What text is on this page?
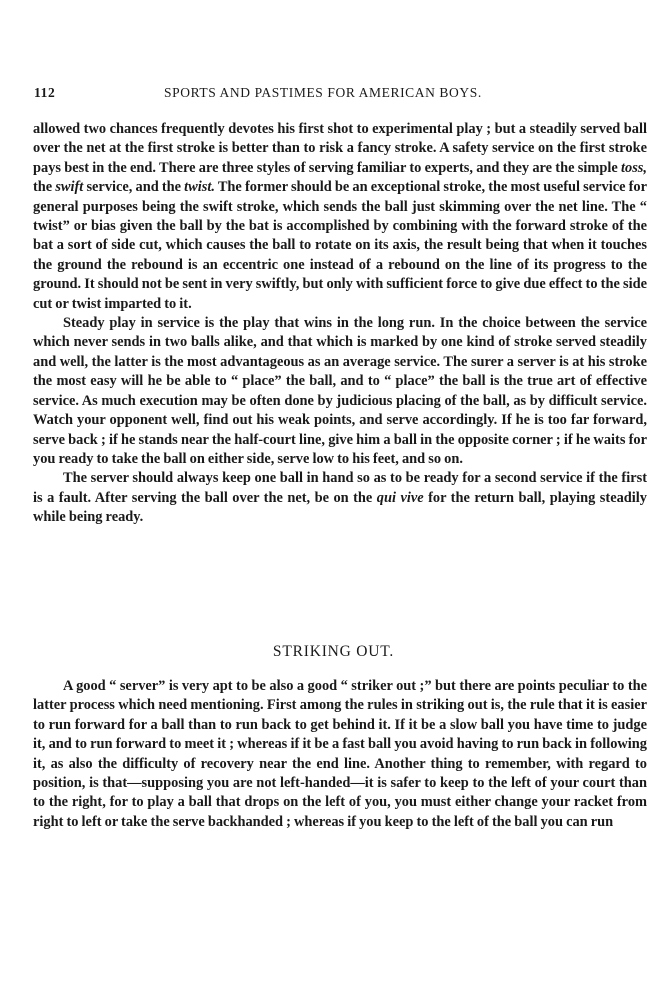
112	SPORTS AND PASTIMES FOR AMERICAN BOYS.

allowed two chances frequently devotes his first shot to experimental play ; but a steadily served ball over the net at the first stroke is better than to risk a fancy stroke. A safety service on the first stroke pays best in the end. There are three styles of serving familiar to experts, and they are the simple toss, the swift service, and the twist. The former should be an exceptional stroke, the most useful service for general purposes being the swift stroke, which sends the ball just skimming over the net line. The “ twist” or bias given the ball by the bat is accomplished by combining with the forward stroke of the bat a sort of side cut, which causes the ball to rotate on its axis, the result being that when it touches the ground the rebound is an eccentric one instead of a rebound on the line of its progress to the ground. It should not be sent in very swiftly, but only with sufficient force to give due effect to the side cut or twist imparted to it.

Steady play in service is the play that wins in the long run. In the choice between the service which never sends in two balls alike, and that which is marked by one kind of stroke served steadily and well, the latter is the most advantageous as an average service. The surer a server is at his stroke the most easy will he be able to “ place” the ball, and to “ place” the ball is the true art of effective service. As much execution may be often done by judicious placing of the ball, as by difficult service. Watch your opponent well, find out his weak points, and serve accordingly. If he is too far forward, serve back ; if he stands near the half-court line, give him a ball in the opposite corner ; if he waits for you ready to take the ball on either side, serve low to his feet, and so on.

The server should always keep one ball in hand so as to be ready for a second service if the first is a fault. After serving the ball over the net, be on the qui vive for the return ball, playing steadily while being ready.

STRIKING OUT.

A good “ server” is very apt to be also a good “ striker out ;” but there are points peculiar to the latter process which need mentioning. First among the rules in striking out is, the rule that it is easier to run forward for a ball than to run back to get behind it. If it be a slow ball you have time to judge it, and to run forward to meet it ; whereas if it be a fast ball you avoid having to run back in following it, as also the difficulty of recovery near the end line. Another thing to remember, with regard to position, is that—supposing you are not left-handed—it is safer to keep to the left of your court than to the right, for to play a ball that drops on the left of you, you must either change your racket from right to left or take the serve backhanded ; whereas if you keep to the left of the ball you can run
